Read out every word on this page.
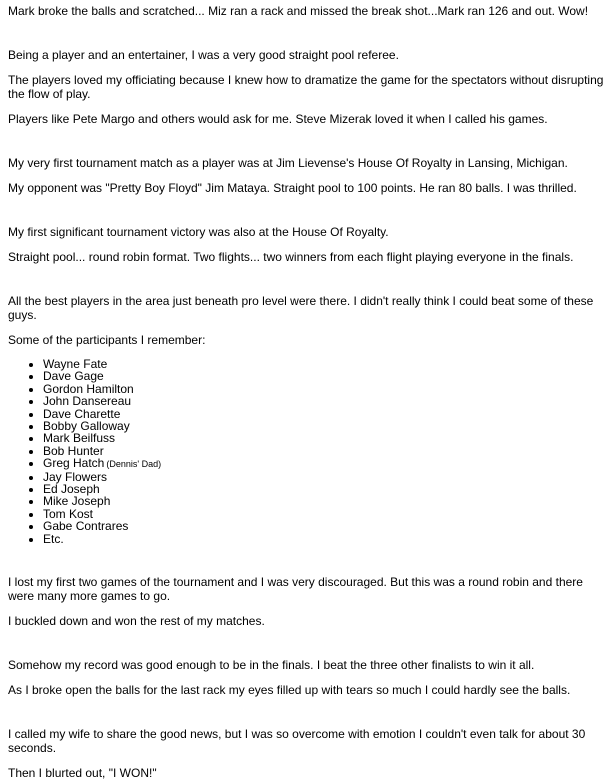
Mark broke the balls and scratched... Miz ran a rack and missed the break shot...Mark ran 126 and out. Wow!

Being a player and an entertainer, I was a very good straight pool referee.

The players loved my officiating because I knew how to dramatize the game for the spectators without disrupting the flow of play.

Players like Pete Margo and others would ask for me. Steve Mizerak loved it when I called his games.

My very first tournament match as a player was at Jim Lievense's House Of Royalty in Lansing, Michigan.

My opponent was "Pretty Boy Floyd" Jim Mataya. Straight pool to 100 points. He ran 80 balls. I was thrilled.

My first significant tournament victory was also at the House Of Royalty.

Straight pool... round robin format. Two flights... two winners from each flight playing everyone in the finals.

All the best players in the area just beneath pro level were there. I didn't really think I could beat some of these guys.

Some of the participants I remember:

• Wayne Fate
• Dave Gage
• Gordon Hamilton
• John Dansereau
• Dave Charette
• Bobby Galloway
• Mark Beilfuss
• Bob Hunter
• Greg Hatch (Dennis' Dad)
• Jay Flowers
• Ed Joseph
• Mike Joseph
• Tom Kost
• Gabe Contrares
• Etc.

I lost my first two games of the tournament and I was very discouraged. But this was a round robin and there were many more games to go.

I buckled down and won the rest of my matches.

Somehow my record was good enough to be in the finals. I beat the three other finalists to win it all.

As I broke open the balls for the last rack my eyes filled up with tears so much I could hardly see the balls.

I called my wife to share the good news, but I was so overcome with emotion I couldn't even talk for about 30 seconds.

Then I blurted out, "I WON!"
